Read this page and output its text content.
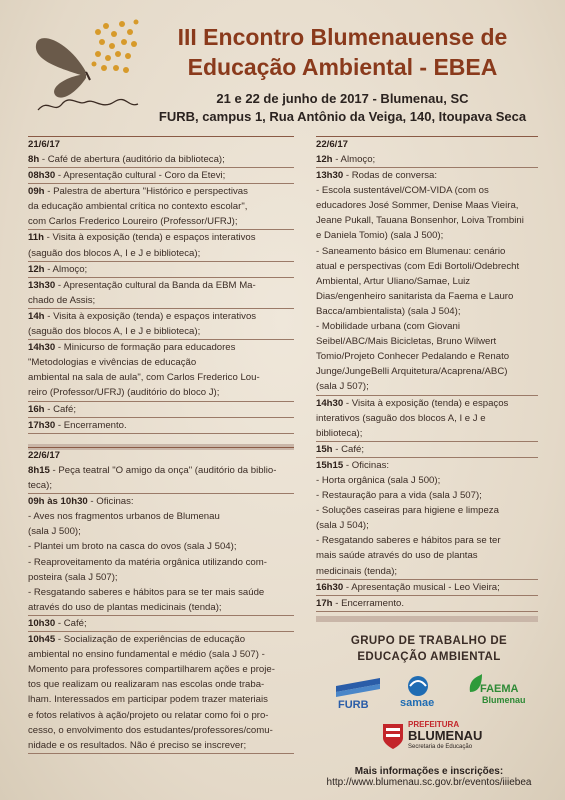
III Encontro Blumenauense de
Educação Ambiental - EBEA
21 e 22 de junho de 2017 - Blumenau, SC
FURB, campus 1, Rua Antônio da Veiga, 140, Itoupava Seca
21/6/17
8h - Café de abertura (auditório da biblioteca);
08h30 - Apresentação cultural - Coro da Etevi;
09h - Palestra de abertura "Histórico e perspectivas
da educação ambiental crítica no contexto escolar",
com Carlos Frederico Loureiro (Professor/UFRJ);
11h - Visita à exposição (tenda) e espaços interativos
(saguão dos blocos A, I e J e biblioteca);
12h - Almoço;
13h30 - Apresentação cultural da Banda da EBM Ma-
chado de Assis;
14h - Visita à exposição (tenda) e espaços interativos
(saguão dos blocos A, I e J e biblioteca);
14h30 - Minicurso de formação para educadores
"Metodologias e vivências de educação
ambiental na sala de aula", com Carlos Frederico Lou-
reiro (Professor/UFRJ) (auditório do bloco J);
16h - Café;
17h30 - Encerramento.
22/6/17
8h15 - Peça teatral "O amigo da onça" (auditório da biblio-
teca);
09h às 10h30 - Oficinas:
- Aves nos fragmentos urbanos de Blumenau
(sala J 500);
- Plantei um broto na casca do ovos (sala J 504);
- Reaproveitamento da matéria orgânica utilizando com-
posteira (sala J 507);
- Resgatando saberes e hábitos para se ter mais saúde
através do uso de plantas medicinais (tenda);
10h30 - Café;
10h45 - Socialização de experiências de educação
ambiental no ensino fundamental e médio (sala J 507) -
Momento para professores compartilharem ações e proje-
tos que realizam ou realizaram nas escolas onde traba-
lham. Interessados em participar podem trazer materiais
e fotos relativos à ação/projeto ou relatar como foi o pro-
cesso, o envolvimento dos estudantes/professores/comu-
nidade e os resultados. Não é preciso se inscrever;
22/6/17
12h - Almoço;
13h30 - Rodas de conversa:
- Escola sustentável/COM-VIDA (com os
educadores José Sommer, Denise Maas Vieira,
Jeane Pukall, Tauana Bonsenhor, Loiva Trombini
e Daniela Tomio) (sala J 500);
- Saneamento básico em Blumenau: cenário
atual e perspectivas (com Edi Bortoli/Odebrecht
Ambiental, Artur Uliano/Samae, Luiz
Dias/engenheiro sanitarista da Faema e Lauro
Bacca/ambientalista) (sala J 504);
- Mobilidade urbana (com Giovani
Seibel/ABC/Mais Bicicletas, Bruno Wilwert
Tomio/Projeto Conhecer Pedalando e Renato
Junge/JungeBelli Arquitetura/Acaprena/ABC)
(sala J 507);
14h30 - Visita à exposição (tenda) e espaços
interativos (saguão dos blocos A, I e J e
biblioteca);
15h - Café;
15h15 - Oficinas:
- Horta orgânica (sala J 500);
- Restauração para a vida (sala J 507);
- Soluções caseiras para higiene e limpeza
(sala J 504);
- Resgatando saberes e hábitos para se ter
mais saúde através do uso de plantas
medicinais (tenda);
16h30 - Apresentação musical - Leo Vieira;
17h - Encerramento.
GRUPO DE TRABALHO DE
EDUCAÇÃO AMBIENTAL
FURB	samae
FAEMA
Blumenau
PREFEITURA
BLUMENAU
Secretaria de Educação
Mais informações e inscrições:
http://www.blumenau.sc.gov.br/eventos/iiiebea
